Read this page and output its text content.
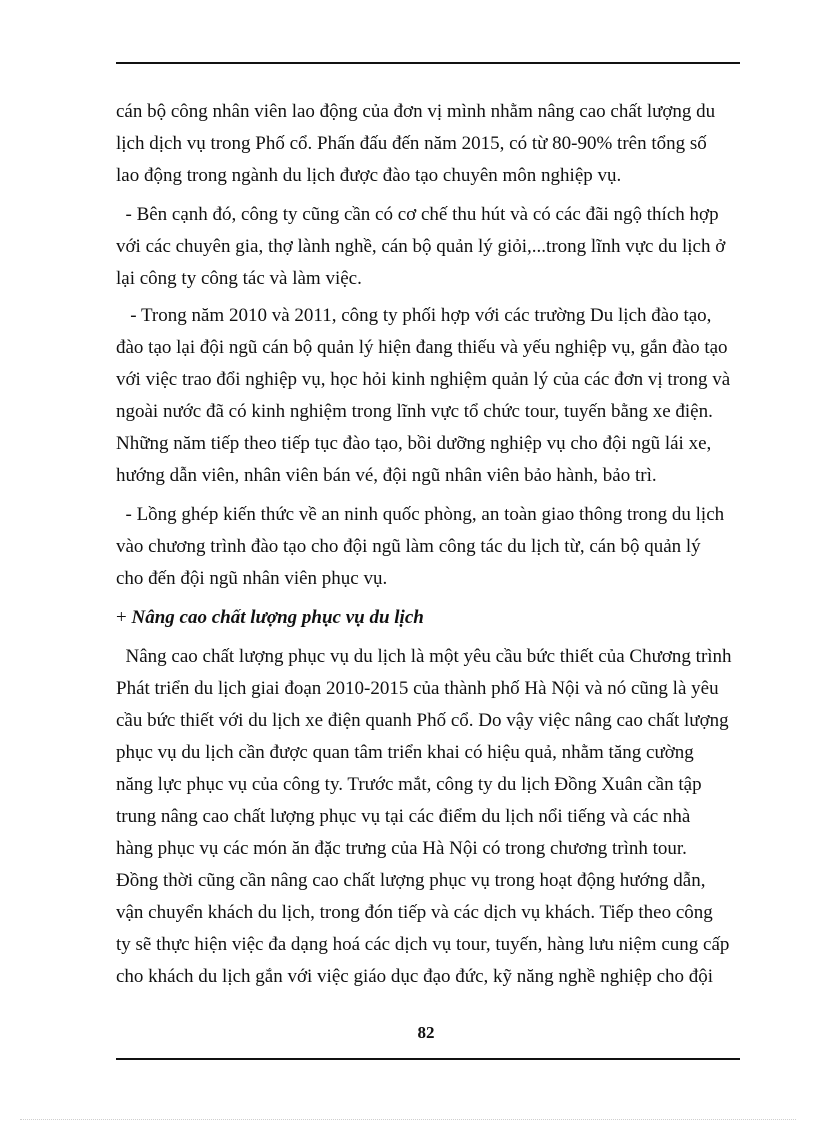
cán bộ công nhân viên lao động của đơn vị mình nhằm nâng cao chất lượng du
lịch dịch vụ trong Phố cổ. Phấn đấu đến năm 2015, có từ 80-90% trên tổng số
lao động trong ngành du lịch được đào tạo chuyên môn nghiệp vụ.
- Bên cạnh đó, công ty cũng cần có cơ chế thu hút và có các đãi ngộ thích hợp
với các chuyên gia, thợ lành nghề, cán bộ quản lý giỏi,...trong lĩnh vực du lịch ở
lại công ty công tác và làm việc.
- Trong năm 2010 và 2011, công ty phối hợp với các trường Du lịch đào tạo,
đào tạo lại đội ngũ cán bộ quản lý hiện đang thiếu và yếu nghiệp vụ, gắn đào tạo
với việc trao đổi nghiệp vụ, học hỏi kinh nghiệm quản lý của các đơn vị trong và
ngoài nước đã có kinh nghiệm trong lĩnh vực tổ chức tour, tuyến bằng xe điện.
Những năm tiếp theo tiếp tục đào tạo, bồi dưỡng nghiệp vụ cho đội ngũ lái xe,
hướng dẫn viên, nhân viên bán vé, đội ngũ nhân viên bảo hành, bảo trì.
- Lồng ghép kiến thức về an ninh quốc phòng, an toàn giao thông trong du lịch
vào chương trình đào tạo cho đội ngũ làm công tác du lịch từ, cán bộ quản lý
cho đến đội ngũ nhân viên phục vụ.
+ Nâng cao chất lượng phục vụ du lịch
Nâng cao chất lượng phục vụ du lịch là một yêu cầu bức thiết của Chương trình
Phát triển du lịch giai đoạn 2010-2015 của thành phố Hà Nội và nó cũng là yêu
cầu bức thiết với du lịch xe điện quanh Phố cổ. Do vậy việc nâng cao chất lượng
phục vụ du lịch cần được quan tâm triển khai có hiệu quả, nhằm tăng cường
năng lực phục vụ của công ty. Trước mắt, công ty du lịch Đồng Xuân cần tập
trung nâng cao chất lượng phục vụ tại các điểm du lịch nổi tiếng và các nhà
hàng phục vụ các món ăn đặc trưng của Hà Nội có trong chương trình tour.
Đồng thời cũng cần nâng cao chất lượng phục vụ trong hoạt động hướng dẫn,
vận chuyển khách du lịch, trong đón tiếp và các dịch vụ khách. Tiếp theo công
ty sẽ thực hiện việc đa dạng hoá các dịch vụ tour, tuyến, hàng lưu niệm cung cấp
cho khách du lịch gắn với việc giáo dục đạo đức, kỹ năng nghề nghiệp cho đội
82
